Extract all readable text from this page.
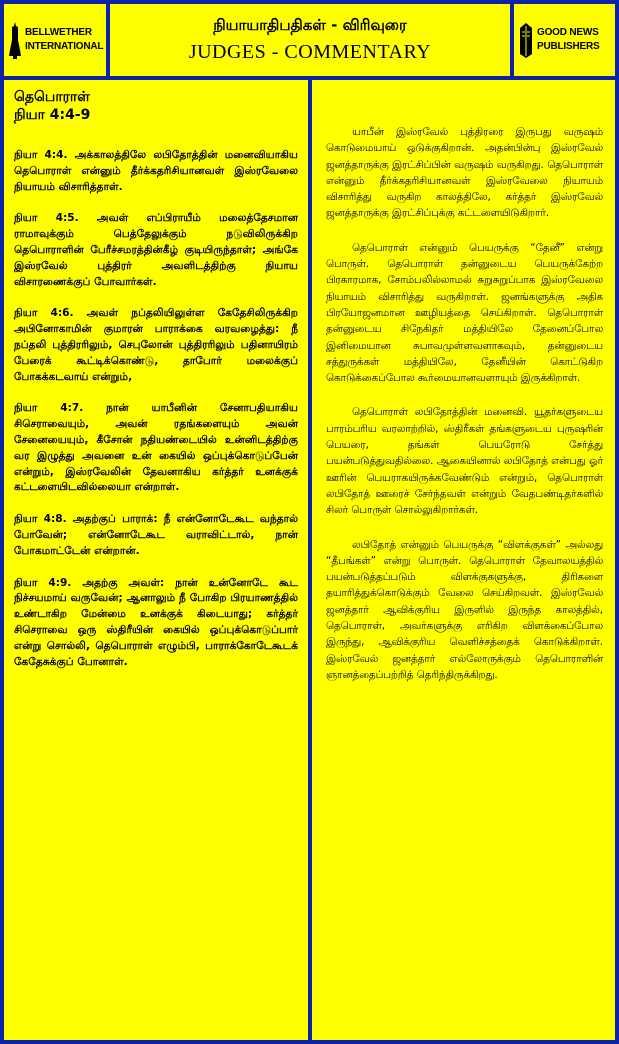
BELLWETHER
INTERNATIONAL
நியாயாதிபதிகள் - விரிவுரை
JUDGES - COMMENTARY
GOOD NEWS
PUBLISHERS
தெபொராள்
நியா 4:4-9

நியா 4:4. அக்காலத்திலே லபிதோத்தின் மனைவியாகிய தெபொராள் என்னும் தீர்க்கதரிசியானவள் இஸ்ரவேலை நியாயம் விசாரித்தாள்.

நியா 4:5. அவள் எப்பிராயீம் மலைத்தேசமான ராமாவுக்கும் பெத்தேலுக்கும் நடுவிலிருக்கிற தெபொராளின் பேரீச்சமரத்தின்கீழ் குடியிருந்தாள்; அங்கே இஸ்ரவேல் புத்திரர் அவளிடத்திற்கு நியாய விசாரணைக்குப் போவார்கள்.

நியா 4:6. அவள் நப்தலியிலுள்ள கேதேசிலிருக்கிற அபினோகாமின் குமாரன் பாராக்கை வரவழைத்து: நீ நப்தலி புத்திரரிலும், செபுலோன் புத்திரரிலும் பதினாயிரம் பேரைக் கூட்டிக்கொண்டு, தாபோர் மலைக்குப் போகக்கடவாய் என்றும்,

நியா 4:7. நான் யாபீனின் சேனாபதியாகிய சிசெராவையும், அவன் ரதங்களையும் அவன் சேனையையும், கீசோன் நதியண்டையில் உன்னிடத்திற்கு வர இழுத்து அவனை உன் கையில் ஒப்புக்கொடுப்பேன் என்றும், இஸ்ரவேலின் தேவனாகிய கர்த்தர் உனக்குக் கட்டளையிடவில்லையா என்றாள்.

நியா 4:8. அதற்குப் பாராக்: நீ என்னோடேகூட வந்தால் போவேன்; என்னோடேகூட வராவிட்டால், நான் போகமாட்டேன் என்றான்.

நியா 4:9. அதற்கு அவள்: நான் உன்னோடே கூட நிச்சயமாய் வருவேன்; ஆனாலும் நீ போகிற பிரயாணத்தில் உண்டாகிற மேன்மை உனக்குக் கிடையாது; கர்த்தர் சிசெராவை ஒரு ஸ்திரீயின் கையில் ஒப்புக்கொடுப்பார் என்று சொல்லி, தெபொராள் எழும்பி, பாராக்கோடேகூடக் கேதேசுக்குப் போனாள்.

யாபீன் இஸ்ரவேல் புத்திரரை இருபது வருஷம் கொடுமையாய் ஒடுக்குகிறான். அதன்பின்பு இஸ்ரவேல் ஜனத்தாருக்கு இரட்சிப்பின் வருஷம் வருகிறது. தெபொராள் என்னும் தீர்க்கதரிசியானவள் இஸ்ரவேலை நியாயம் விசாரித்து வருகிற காலத்திலே, கர்த்தர் இஸ்ரவேல் ஜனத்தாருக்கு இரட்சிப்புக்கு கட்டளையிடுகிறார்.

தெபொராள் என்னும் பெயருக்கு “தேனீ” என்று பொருள். தெபொராள் தன்னுடைய பெயருக்கேற்ற பிரகாரமாக, சோம்பலில்லாமல் சுறுசுறுப்பாக இஸ்ரவேலை நியாயம் விசாரித்து வருகிறாள். ஜனங்களுக்கு அதிக பிரயோஜனமான ஊழியத்தை செய்கிறாள். தெபொராள் தன்னுடைய சிநேகிதர் மத்தியிலே தேனைப்போல இனிமையான சுபாவமுள்ளவளாகவும், தன்னுடைய சத்துருக்கள் மத்தியிலே, தேனீயின் கொட்டுகிற கொடுக்கைப்போல கூர்மையானவளாயும் இருக்கிறாள்.

தெபொராள் லபிதோத்தின் மனைவி. யூதர்களுடைய பாரம்பரிய வரலாற்றில், ஸ்திரீகள் தங்களுடைய புருஷரின் பெயரை, தங்கள் பெயரோடு சேர்த்து பயன்படுத்துவதில்லை. ஆகையினால் லபிதோத் என்பது ஓர் ஊரின் பெயராகயிருக்கவேண்டும் என்றும், தெபொராள் லபிதோத் ஊரைச் சேர்ந்தவள் என்றும் வேதபண்டிதர்களில் சிலர் பொருள் சொல்லுகிறார்கள்.

லபிதோத் என்னும் பெயருக்கு “விளக்குகள்” அல்லது “தீபங்கள்” என்று பொருள். தெபொராள் தேவாலயத்தில் பயன்படுத்தப்படும் விளக்குகளுக்கு, திரிகளை தயாரித்துக்கொடுக்கும் வேலை செய்கிறவள். இஸ்ரவேல் ஜனத்தார் ஆவிக்குரிய இருளில் இருந்த காலத்தில், தெபொராள், அவர்களுக்கு எரிகிற விளக்கைப்போல இருந்து, ஆவிக்குரிய வெளிச்சத்தைக் கொடுக்கிறாள். இஸ்ரவேல் ஜனத்தார் எல்லோருக்கும் தெபொராளின் ஞானத்தைப்பற்றித் தெரிந்திருக்கிறது.
